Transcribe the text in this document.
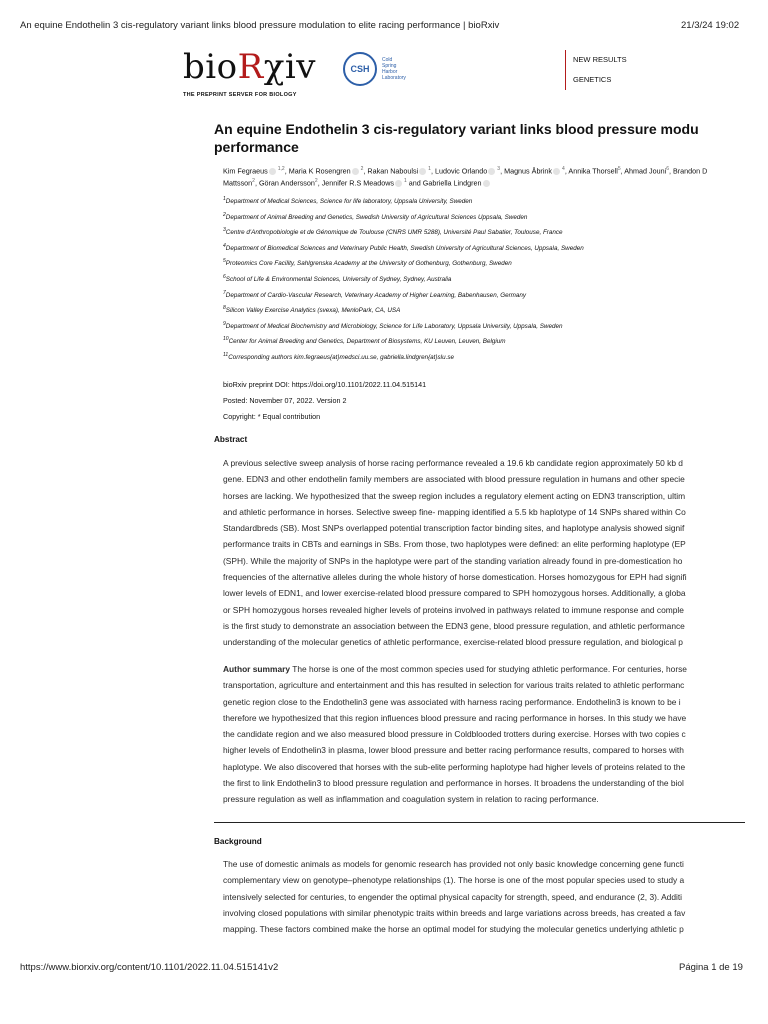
An equine Endothelin 3 cis-regulatory variant links blood pressure modulation to elite racing performance | bioRxiv	21/3/24 19:02
bioRχiv
THE PREPRINT SERVER FOR BIOLOGY
CSH
Cold
Spring
Harbor
Laboratory
NEW RESULTS
GENETICS
An equine Endothelin 3 cis-regulatory variant links blood pressure modu
performance
Kim Fegraeus $^{1,2}$, Maria K Rosengren $^2$, Rakan Naboulsi $^1$, Ludovic Orlando $^3$, Magnus Åbrink $^4$, Annika Thorsell$^5$, Ahmad Jouni$^6$, Brandon D
Mattsson$^2$, Göran Andersson$^2$, Jennifer R.S Meadows $^1$ and Gabriella Lindgren
$^1$Department of Medical Sciences, Science for life laboratory, Uppsala University, Sweden
$^2$Department of Animal Breeding and Genetics, Swedish University of Agricultural Sciences Uppsala, Sweden
$^3$Centre d'Anthropobiologie et de Génomique de Toulouse (CNRS UMR 5288), Université Paul Sabatier, Toulouse, France
$^4$Department of Biomedical Sciences and Veterinary Public Health, Swedish University of Agricultural Sciences, Uppsala, Sweden
$^5$Proteomics Core Facility, Sahlgrenska Academy at the University of Gothenburg, Gothenburg, Sweden
$^6$School of Life & Environmental Sciences, University of Sydney, Sydney, Australia
$^7$Department of Cardio-Vascular Research, Veterinary Academy of Higher Learning, Babenhausen, Germany
$^8$Silicon Valley Exercise Analytics (svexa), MenloPark, CA, USA
$^9$Department of Medical Biochemistry and Microbiology, Science for Life Laboratory, Uppsala University, Uppsala, Sweden
$^{10}$Center for Animal Breeding and Genetics, Department of Biosystems, KU Leuven, Leuven, Belgium
$^{11}$Corresponding authors kim.fegraeus{at}medsci.uu.se, gabriella.lindgren{at}slu.se
bioRxiv preprint DOI: https://doi.org/10.1101/2022.11.04.515141
Posted: November 07, 2022. Version 2
Copyright: * Equal contribution
Abstract
A previous selective sweep analysis of horse racing performance revealed a 19.6 kb candidate region approximately 50 kb d
gene. EDN3 and other endothelin family members are associated with blood pressure regulation in humans and other specie
horses are lacking. We hypothesized that the sweep region includes a regulatory element acting on EDN3 transcription, ultim
and athletic performance in horses. Selective sweep fine- mapping identified a 5.5 kb haplotype of 14 SNPs shared within Co
Standardbreds (SB). Most SNPs overlapped potential transcription factor binding sites, and haplotype analysis showed signif
performance traits in CBTs and earnings in SBs. From those, two haplotypes were defined: an elite performing haplotype (EP
(SPH). While the majority of SNPs in the haplotype were part of the standing variation already found in pre-domestication ho
frequencies of the alternative alleles during the whole history of horse domestication. Horses homozygous for EPH had signifi
lower levels of EDN1, and lower exercise-related blood pressure compared to SPH homozygous horses. Additionally, a globa
or SPH homozygous horses revealed higher levels of proteins involved in pathways related to immune response and comple
is the first study to demonstrate an association between the EDN3 gene, blood pressure regulation, and athletic performance
understanding of the molecular genetics of athletic performance, exercise-related blood pressure regulation, and biological p
Author summary The horse is one of the most common species used for studying athletic performance. For centuries, horse
transportation, agriculture and entertainment and this has resulted in selection for various traits related to athletic performanc
genetic region close to the Endothelin3 gene was associated with harness racing performance. Endothelin3 is known to be i
therefore we hypothesized that this region influences blood pressure and racing performance in horses. In this study we have
the candidate region and we also measured blood pressure in Coldblooded trotters during exercise. Horses with two copies c
higher levels of Endothelin3 in plasma, lower blood pressure and better racing performance results, compared to horses with
haplotype. We also discovered that horses with the sub-elite performing haplotype had higher levels of proteins related to the
the first to link Endothelin3 to blood pressure regulation and performance in horses. It broadens the understanding of the biol
pressure regulation as well as inflammation and coagulation system in relation to racing performance.
Background
The use of domestic animals as models for genomic research has provided not only basic knowledge concerning gene functi
complementary view on genotype–phenotype relationships (1). The horse is one of the most popular species used to study a
intensively selected for centuries, to engender the optimal physical capacity for strength, speed, and endurance (2, 3). Additi
involving closed populations with similar phenotypic traits within breeds and large variations across breeds, has created a fav
mapping. These factors combined make the horse an optimal model for studying the molecular genetics underlying athletic p
https://www.biorxiv.org/content/10.1101/2022.11.04.515141v2	Página 1 de 19
